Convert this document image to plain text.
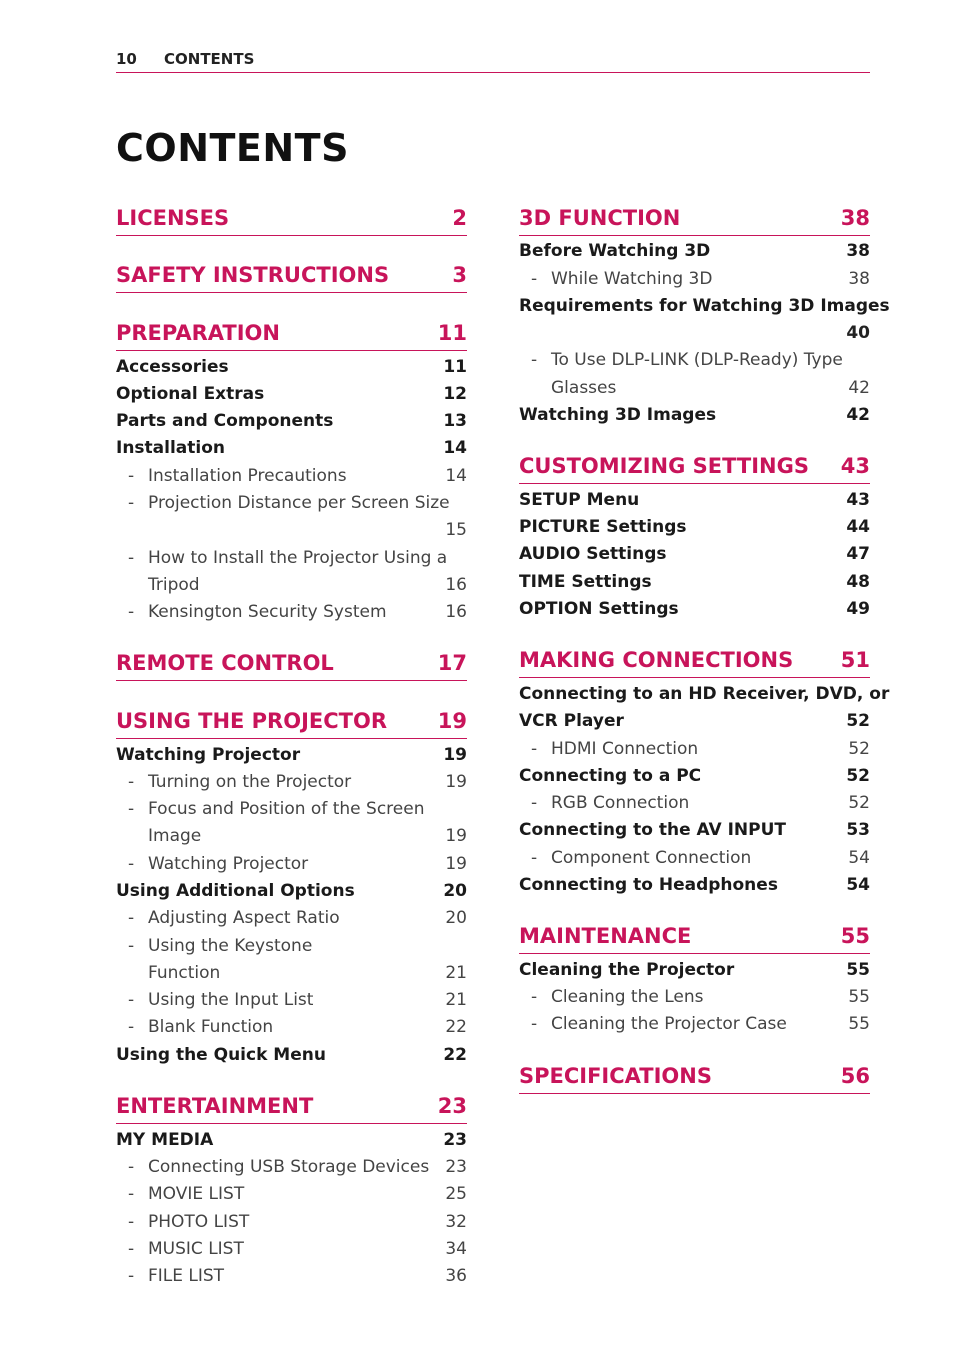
10 CONTENTS
CONTENTS
LICENSES	2
SAFETY INSTRUCTIONS	3
PREPARATION	11
Accessories	11
Optional Extras	12
Parts and Components	13
Installation	14
- Installation Precautions	14
- Projection Distance per Screen Size
15
- How to Install the Projector Using a
Tripod	16
- Kensington Security System	16
REMOTE CONTROL	17
USING THE PROJECTOR 19
Watching Projector	19
- Turning on the Projector	19
- Focus and Position of the Screen
Image	19
- Watching Projector	19
Using Additional Options	20
- Adjusting Aspect Ratio	20
- Using the Keystone
Function	21
- Using the Input List	21
- Blank Function	22
Using the Quick Menu	22
ENTERTAINMENT	23
MY MEDIA	23
- Connecting USB Storage Devices 23
- MOVIE LIST	25
- PHOTO LIST	32
- MUSIC LIST	34
- FILE LIST	36
3D FUNCTION	38
Before Watching 3D	38
- While Watching 3D	38
Requirements for Watching 3D Images
40
- To Use DLP-LINK (DLP-Ready) Type
Glasses	42
Watching 3D Images	42
CUSTOMIZING SETTINGS 43
SETUP Menu	43
PICTURE Settings	44
AUDIO Settings	47
TIME Settings	48
OPTION Settings	49
MAKING CONNECTIONS 51
Connecting to an HD Receiver, DVD, or
VCR Player	52
- HDMI Connection	52
Connecting to a PC	52
- RGB Connection	52
Connecting to the AV INPUT	53
- Component Connection	54
Connecting to Headphones	54
MAINTENANCE	55
Cleaning the Projector	55
- Cleaning the Lens	55
- Cleaning the Projector Case	55
SPECIFICATIONS	56
